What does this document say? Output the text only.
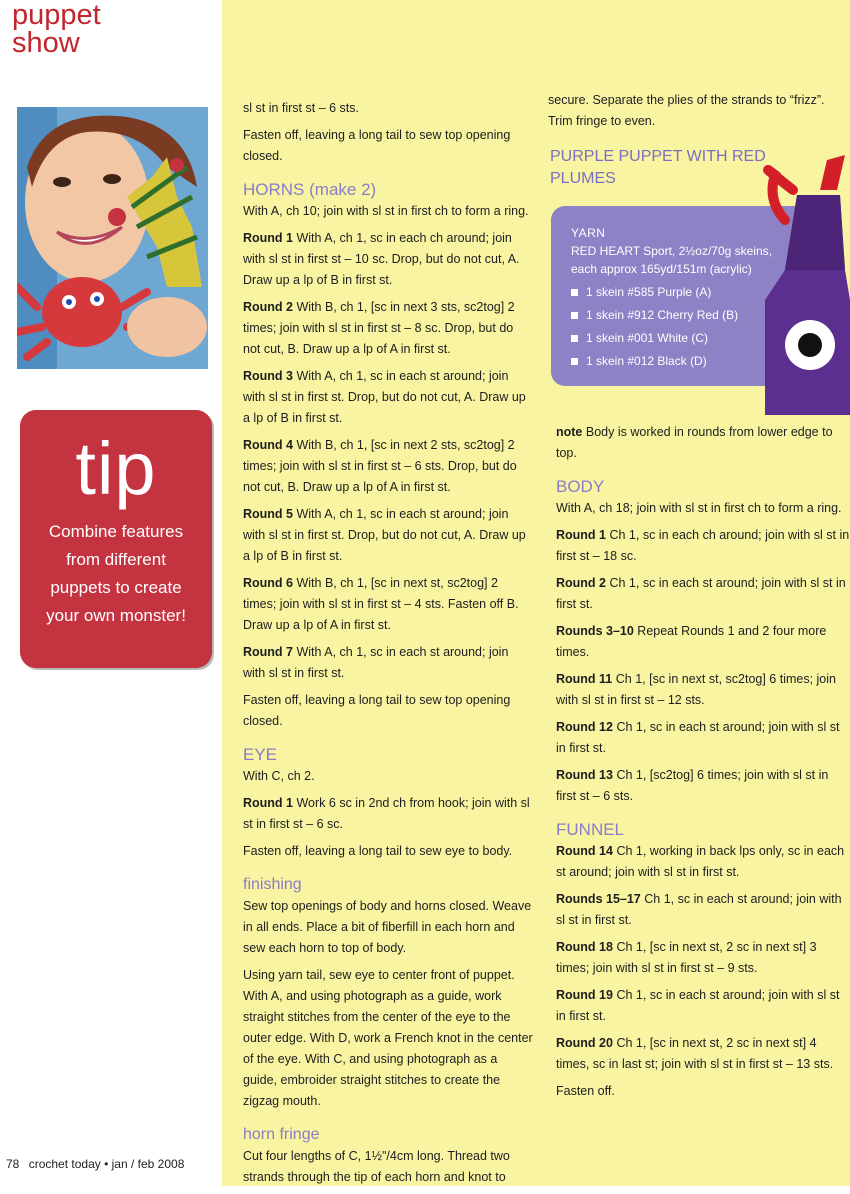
puppet
show
tip
Combine features
from different
puppets to create
your own monster!
78 crochet today • jan / feb 2008

sl st in first st – 6 sts.

Fasten off, leaving a long tail to sew top opening closed.

HORNS (make 2)

With A, ch 10; join with sl st in first ch to form a ring.

Round 1 With A, ch 1, sc in each ch around; join with sl st in first st – 10 sc. Drop, but do not cut, A. Draw up a lp of B in first st.

Round 2 With B, ch 1, [sc in next 3 sts, sc2tog] 2 times; join with sl st in first st – 8 sc. Drop, but do not cut, B. Draw up a lp of A in first st.

Round 3 With A, ch 1, sc in each st around; join with sl st in first st. Drop, but do not cut, A. Draw up a lp of B in first st.

Round 4 With B, ch 1, [sc in next 2 sts, sc2tog] 2 times; join with sl st in first st – 6 sts. Drop, but do not cut, B. Draw up a lp of A in first st.

Round 5 With A, ch 1, sc in each st around; join with sl st in first st. Drop, but do not cut, A. Draw up a lp of B in first st.

Round 6 With B, ch 1, [sc in next st, sc2tog] 2 times; join with sl st in first st – 4 sts. Fasten off B. Draw up a lp of A in first st.

Round 7 With A, ch 1, sc in each st around; join with sl st in first st.

Fasten off, leaving a long tail to sew top opening closed.

EYE

With C, ch 2.

Round 1 Work 6 sc in 2nd ch from hook; join with sl st in first st – 6 sc.

Fasten off, leaving a long tail to sew eye to body.

finishing

Sew top openings of body and horns closed. Weave in all ends. Place a bit of fiberfill in each horn and sew each horn to top of body.

Using yarn tail, sew eye to center front of puppet. With A, and using photograph as a guide, work straight stitches from the center of the eye to the outer edge. With D, work a French knot in the center of the eye. With C, and using photograph as a guide, embroider straight stitches to create the zigzag mouth.

horn fringe

Cut four lengths of C, 1½"/4cm long. Thread two strands through the tip of each horn and knot to

secure. Separate the plies of the strands to “frizz”. Trim fringe to even.

PURPLE PUPPET WITH RED PLUMES
YARN
RED HEART Sport, 2½oz/70g skeins, each approx 165yd/151m (acrylic)
1 skein #585 Purple (A)
1 skein #912 Cherry Red (B)
1 skein #001 White (C)
1 skein #012 Black (D)

note Body is worked in rounds from lower edge to top.

BODY

With A, ch 18; join with sl st in first ch to form a ring.

Round 1 Ch 1, sc in each ch around; join with sl st in first st – 18 sc.

Round 2 Ch 1, sc in each st around; join with sl st in first st.

Rounds 3–10 Repeat Rounds 1 and 2 four more times.

Round 11 Ch 1, [sc in next st, sc2tog] 6 times; join with sl st in first st – 12 sts.

Round 12 Ch 1, sc in each st around; join with sl st in first st.

Round 13 Ch 1, [sc2tog] 6 times; join with sl st in first st – 6 sts.

FUNNEL

Round 14 Ch 1, working in back lps only, sc in each st around; join with sl st in first st.

Rounds 15–17 Ch 1, sc in each st around; join with sl st in first st.

Round 18 Ch 1, [sc in next st, 2 sc in next st] 3 times; join with sl st in first st – 9 sts.

Round 19 Ch 1, sc in each st around; join with sl st in first st.

Round 20 Ch 1, [sc in next st, 2 sc in next st] 4 times, sc in last st; join with sl st in first st – 13 sts.

Fasten off.
